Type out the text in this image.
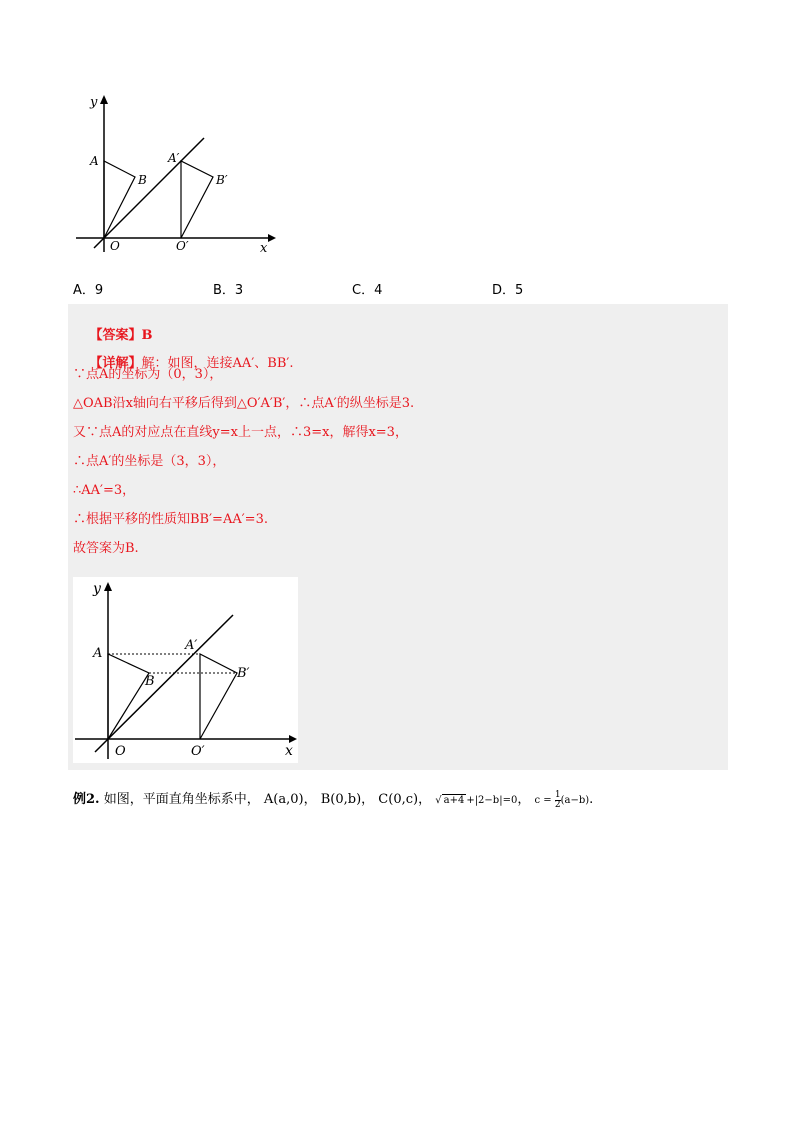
y
x
A
B
A′
B′
O	O′
A．9	B．3	C．4	D．5

【答案】B

【详解】解：如图，连接AA′、BB′.

∵点A的坐标为（0，3），
△OAB沿x轴向右平移后得到△O′A′B′，∴点A′的纵坐标是3.
又∵点A的对应点在直线y=x上一点，∴3=x，解得x=3，
∴点A′的坐标是（3，3），
∴AA′=3，
∴根据平移的性质知BB′=AA′=3.
故答案为B.
y
x
A
B
A′
B′
O	O′
例2. 如图，平面直角坐标系中， A(a,0)， B(0,b)， C(0,c)， √ a+4 +|2−b|=0， $c = \frac{1}{2} (a-b)$.
